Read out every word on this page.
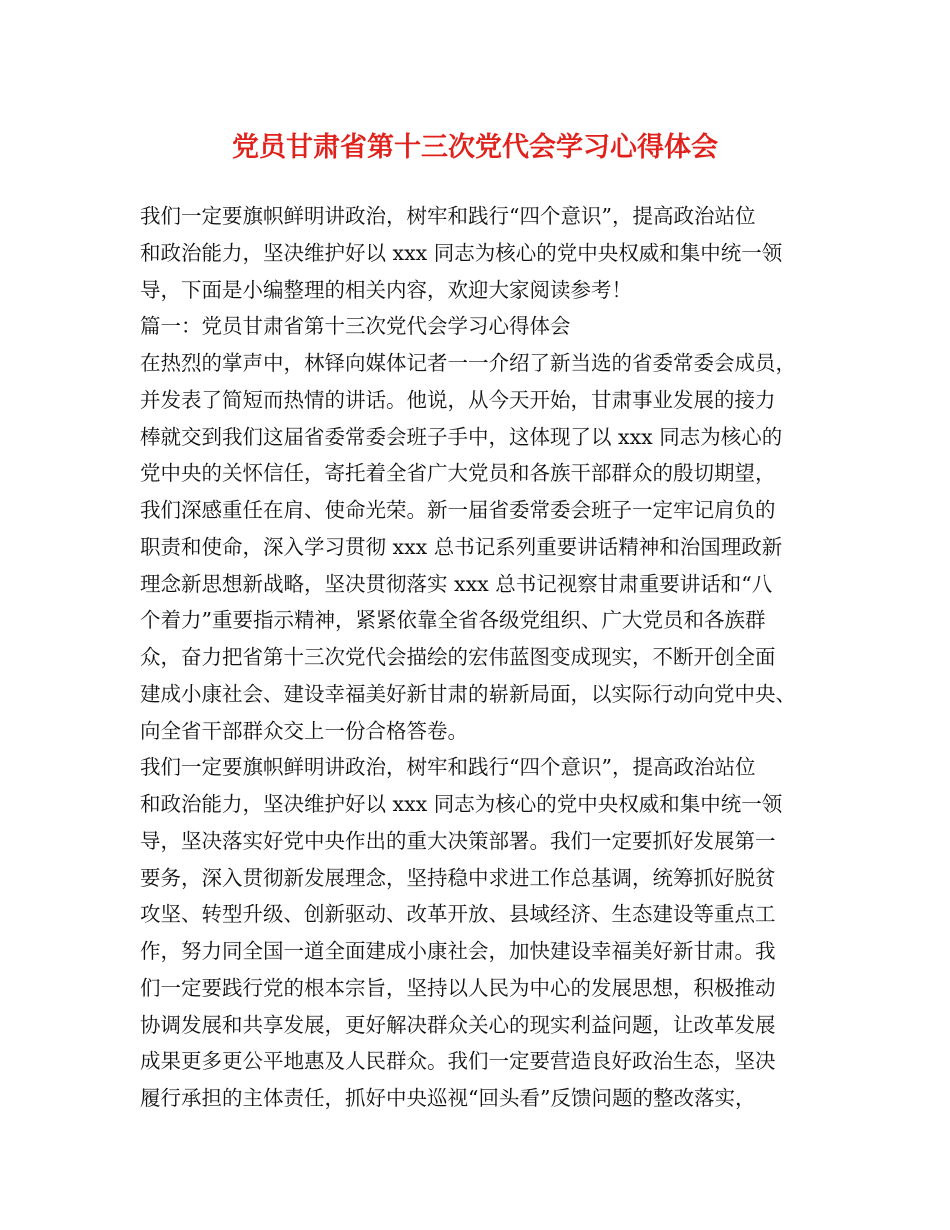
党员甘肃省第十三次党代会学习心得体会
我们一定要旗帜鲜明讲政治，树牢和践行“四个意识”，提高政治站位
和政治能力，坚决维护好以 xxx 同志为核心的党中央权威和集中统一领
导，下面是小编整理的相关内容，欢迎大家阅读参考！
篇一：党员甘肃省第十三次党代会学习心得体会
在热烈的掌声中，林铎向媒体记者一一介绍了新当选的省委常委会成员，
并发表了简短而热情的讲话。他说，从今天开始，甘肃事业发展的接力
棒就交到我们这届省委常委会班子手中，这体现了以 xxx 同志为核心的
党中央的关怀信任，寄托着全省广大党员和各族干部群众的殷切期望，
我们深感重任在肩、使命光荣。新一届省委常委会班子一定牢记肩负的
职责和使命，深入学习贯彻 xxx 总书记系列重要讲话精神和治国理政新
理念新思想新战略，坚决贯彻落实 xxx 总书记视察甘肃重要讲话和“八
个着力”重要指示精神，紧紧依靠全省各级党组织、广大党员和各族群
众，奋力把省第十三次党代会描绘的宏伟蓝图变成现实，不断开创全面
建成小康社会、建设幸福美好新甘肃的崭新局面，以实际行动向党中央、
向全省干部群众交上一份合格答卷。
我们一定要旗帜鲜明讲政治，树牢和践行“四个意识”，提高政治站位
和政治能力，坚决维护好以 xxx 同志为核心的党中央权威和集中统一领
导，坚决落实好党中央作出的重大决策部署。我们一定要抓好发展第一
要务，深入贯彻新发展理念，坚持稳中求进工作总基调，统筹抓好脱贫
攻坚、转型升级、创新驱动、改革开放、县域经济、生态建设等重点工
作，努力同全国一道全面建成小康社会，加快建设幸福美好新甘肃。我
们一定要践行党的根本宗旨，坚持以人民为中心的发展思想，积极推动
协调发展和共享发展，更好解决群众关心的现实利益问题，让改革发展
成果更多更公平地惠及人民群众。我们一定要营造良好政治生态，坚决
履行承担的主体责任，抓好中央巡视“回头看”反馈问题的整改落实，
